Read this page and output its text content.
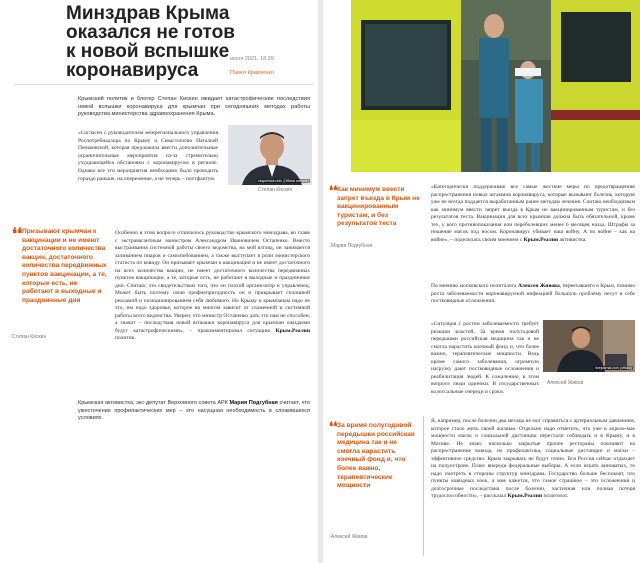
Минздрав Крыма оказался не готов к новой вспышке коронавируса
июня 2021, 18:29
Павел Кравченко

Крымский политик и блогер Степан Кискин ожидает катастрофические последствия новой вспышки коронавируса для крымчан при сегодняшних методах работы руководства министерства здравоохранения Крыма.

«Согласен с руководителем межрегионального управления Роспотребнадзора по Крыму и Севастополю Натальей Пеньковской, которая предложила ввести дополнительные ограничительные мероприятия из-за стремительно ухудшающейся обстановки с коронавирусом в регионе. Однако все эти мероприятия необходимо было проводить гораздо раньше, на опережение, а не теперь – постфактум.	ekspertskin.info (Official website)
Степан Кискин
❛❛ Призывают крымчан к вакцинации и не имеют достаточного количества вакцин, достаточного количества передвижных пунктов вакцинации, а те, которые есть, не работают в выходные и праздничные дни

Степан Кискин

Особенно в этом вопросе отличилось руководство крымского минздрава, во главе с экстравагантным министром Александром Ивановичем Остапенко. Вместо выстраивания системной работы своего ведомства, на мой взгляд, он занимается заливанием пиаров и самолюбованием, а также выступает в роли министерского статиста по ковиду. Он призывает крымчан к вакцинации и не имеет достаточного на всех количества вакцин, не имеет достаточного количества передвижных пунктов вакцинации, а те, которые есть, не работают в выходные и праздничные дни. Считаю, это свидетельством того, что он плохой организатор и управленец. Может быть поэтому свою профнепригодность он и прикрывает сплошной рекламой и позиционированием себя любимого. Но Крыму и крымчанам надо не это, им надо здоровье, которое во многом зависит от слаженной и системной работы всего ведомства. Уверен, что министр Остапенко дать это нам не способен, а значит – последствия новой вспышки коронавируса для крымчан ожидаемо будут катастрофическими», – прокомментировал ситуацию Крым.Реалии политик.

Крымская активистка, экс-депутат Верховного совета АРК Мария Подгубная считает, что ужесточение профилактических мер – это насущная необходимость в сложившихся условиях.

❛❛ Как минимум ввести запрет въезда в Крым не вакцинированным туристам, и без результатов теста

Мария Подгубная

«Категорически поддерживаю все самые жесткие меры по предотвращению распространения новых штаммов коронавируса, которые вызывают болезнь, которую уже не всегда поддается выработанным ранее методам лечения. Считаю необходимым как минимум ввести запрет въезда в Крым не вакцинированным туристам, и без результатов теста. Вакцинация для всех крымчан должна быть обязательной, кроме тех, у кого противопоказания или переболевших менее 6 месяцев назад. Штрафы за ношение масок под носом. Коронавирус убивает наш войну. А по войне – как на войне», – поделилась своим мнением с Крым.Реалии активистка.

По мнению московского политолога Алексея Живова, переехавшего в Крым, помимо роста заболеваемости коронавирусной инфекцией большую проблему несут в себе постковидные осложнения.

«Ситуация с ростом заболеваемости требует реакции властей. За время полугодовой передышки российская медицина так и не смогла нарастить коечный фонд и, что более важно, терапевтические мощности. Ведь кроме самого заболевания, огромную нагрузку дают постковидные осложнения и реабилитация людей. К сожалению, в этом вопросе люди одиноки. В государственных колоссальные очереди и сроки.

livejournal.com (official)
Алексей Живов
❛❛ За время полугодовой передышки российская медицина так и не смогла нарастить коечный фонд и, что более важно, терапевтические мощности

Алексей Живов

Я, например, после болезни два месяца не мог справиться с артериальным давлением, которое стало жить своей жизнью. Отдельно надо отметить, что уже в апреле-мае мощности масок и социальной дистанции перестали соблюдать и в Крыму, и в Москве. Не знаю, насколько закрытые прочие рестораны повлияют на распространение ковида, но профилактика, социальные дистанции и маски – эффективное средство. Крым закрывать не будут точно. Вся Россия сейчас отдыхает на полуострове. Плюс впереди федеральные выборы. А если искать виноватых, то надо смотреть в стороны структур минздрава. Государство больше беспокоят, что пункты ковидных коек, а мне кажется, что самое страшное – это осложнения и долгосрочные последствия после болезни, частичная или полная потеря трудоспособности», – рассказал Крым.Реалии политолог.
